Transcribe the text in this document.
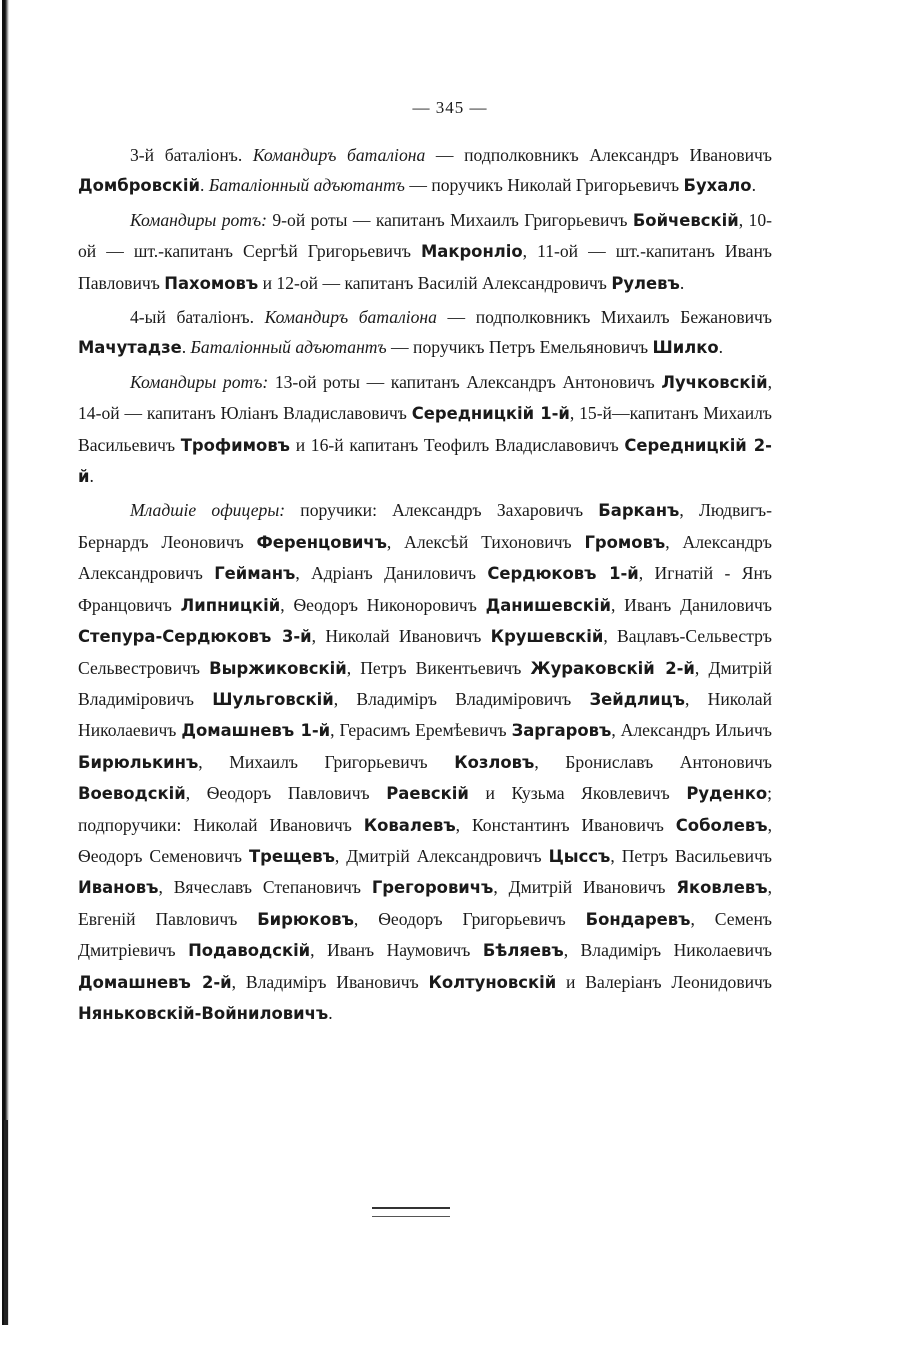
— 345 —

3-й баталіонъ. Командиръ баталіона — подполковникъ Александръ Ивановичъ Домбровскій. Баталіонный адъютантъ — поручикъ Николай Григорьевичъ Бухало.

Командиры ротъ: 9-ой роты — капитанъ Михаилъ Григорьевичъ Бойчевскій, 10-ой — шт.-капитанъ Сергѣй Григорьевичъ Макронліо, 11-ой — шт.-капитанъ Иванъ Павловичъ Пахомовъ и 12-ой — капитанъ Василій Александровичъ Рулевъ.

4-ый баталіонъ. Командиръ баталіона — подполковникъ Михаилъ Бежановичъ Мачутадзе. Баталіонный адъютантъ — поручикъ Петръ Емельяновичъ Шилко.

Командиры ротъ: 13-ой роты — капитанъ Александръ Антоновичъ Лучковскій, 14-ой — капитанъ Юліанъ Владиславовичъ Середницкій 1-й, 15-й—капитанъ Михаилъ Васильевичъ Трофимовъ и 16-й капитанъ Теофилъ Владиславовичъ Середницкій 2-й.

Младшіе офицеры: поручики: Александръ Захаровичъ Барканъ, Людвигъ-Бернардъ Леоновичъ Ференцовичъ, Алексѣй Тихоновичъ Громовъ, Александръ Александровичъ Гейманъ, Адріанъ Даниловичъ Сердюковъ 1-й, Игнатій - Янъ Францовичъ Липницкій, Ѳеодоръ Никоноровичъ Данишевскій, Иванъ Даниловичъ Степура-Сердюковъ 3-й, Николай Ивановичъ Крушевскій, Вацлавъ-Сельвестръ Сельвестровичъ Выржиковскій, Петръ Викентьевичъ Жураковскій 2-й, Дмитрій Владиміровичъ Шульговскій, Владиміръ Владиміровичъ Зейдлицъ, Николай Николаевичъ Домашневъ 1-й, Герасимъ Еремѣевичъ Заргаровъ, Александръ Ильичъ Бирюлькинъ, Михаилъ Григорьевичъ Козловъ, Брониславъ Антоновичъ Воеводскій, Ѳеодоръ Павловичъ Раевскій и Кузьма Яковлевичъ Руденко; подпоручики: Николай Ивановичъ Ковалевъ, Константинъ Ивановичъ Соболевъ, Ѳеодоръ Семеновичъ Трещевъ, Дмитрій Александровичъ Цыссъ, Петръ Васильевичъ Ивановъ, Вячеславъ Степановичъ Грегоровичъ, Дмитрій Ивановичъ Яковлевъ, Евгеній Павловичъ Бирюковъ, Ѳеодоръ Григорьевичъ Бондаревъ, Семенъ Дмитріевичъ Подаводскій, Иванъ Наумовичъ Бѣляевъ, Владиміръ Николаевичъ Домашневъ 2-й, Владиміръ Ивановичъ Колтуновскій и Валеріанъ Леонидовичъ Няньковскій-Войниловичъ.
